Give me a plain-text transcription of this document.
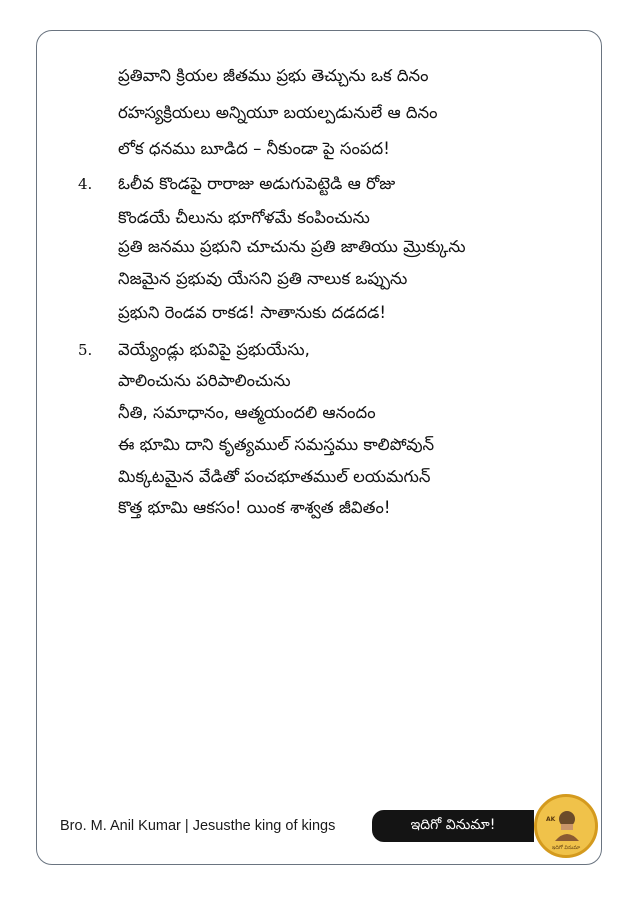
ప్రతివాని క్రియల జీతము ప్రభు తెచ్చును ఒక దినం
రహస్యక్రియలు అన్నియూ బయల్పడునులే ఆ దినం
లోక ధనము బూడిద – నీకుండా పై సంపద!
4. ఓలీవ కొండపై రారాజు అడుగుపెట్టెడి ఆ రోజు
కొండయే చీలును భూగోళమే కంపించును
ప్రతి జనము ప్రభుని చూచును ప్రతి జాతియు మ్రొక్కును
నిజమైన ప్రభువు యేసని ప్రతి నాలుక ఒప్పును
ప్రభుని రెండవ రాకడ! సాతానుకు దడదడ!
5. వెయ్యేండ్లు భువిపై ప్రభుయేసు,
పాలించును పరిపాలించును
నీతి, సమాధానం, ఆత్మయందలి ఆనందం
ఈ భూమి దాని కృత్యముల్ సమస్తము కాలిపోవున్
మిక్కటమైన వేడితో పంచభూతముల్ లయమగున్
కొత్త భూమి ఆకసం! యింక శాశ్వత జీవితం!
Bro. M. Anil Kumar | Jesusthe king of kings	ఇదిగో వినుమా!	AK
ఇదిగో వినుమా
